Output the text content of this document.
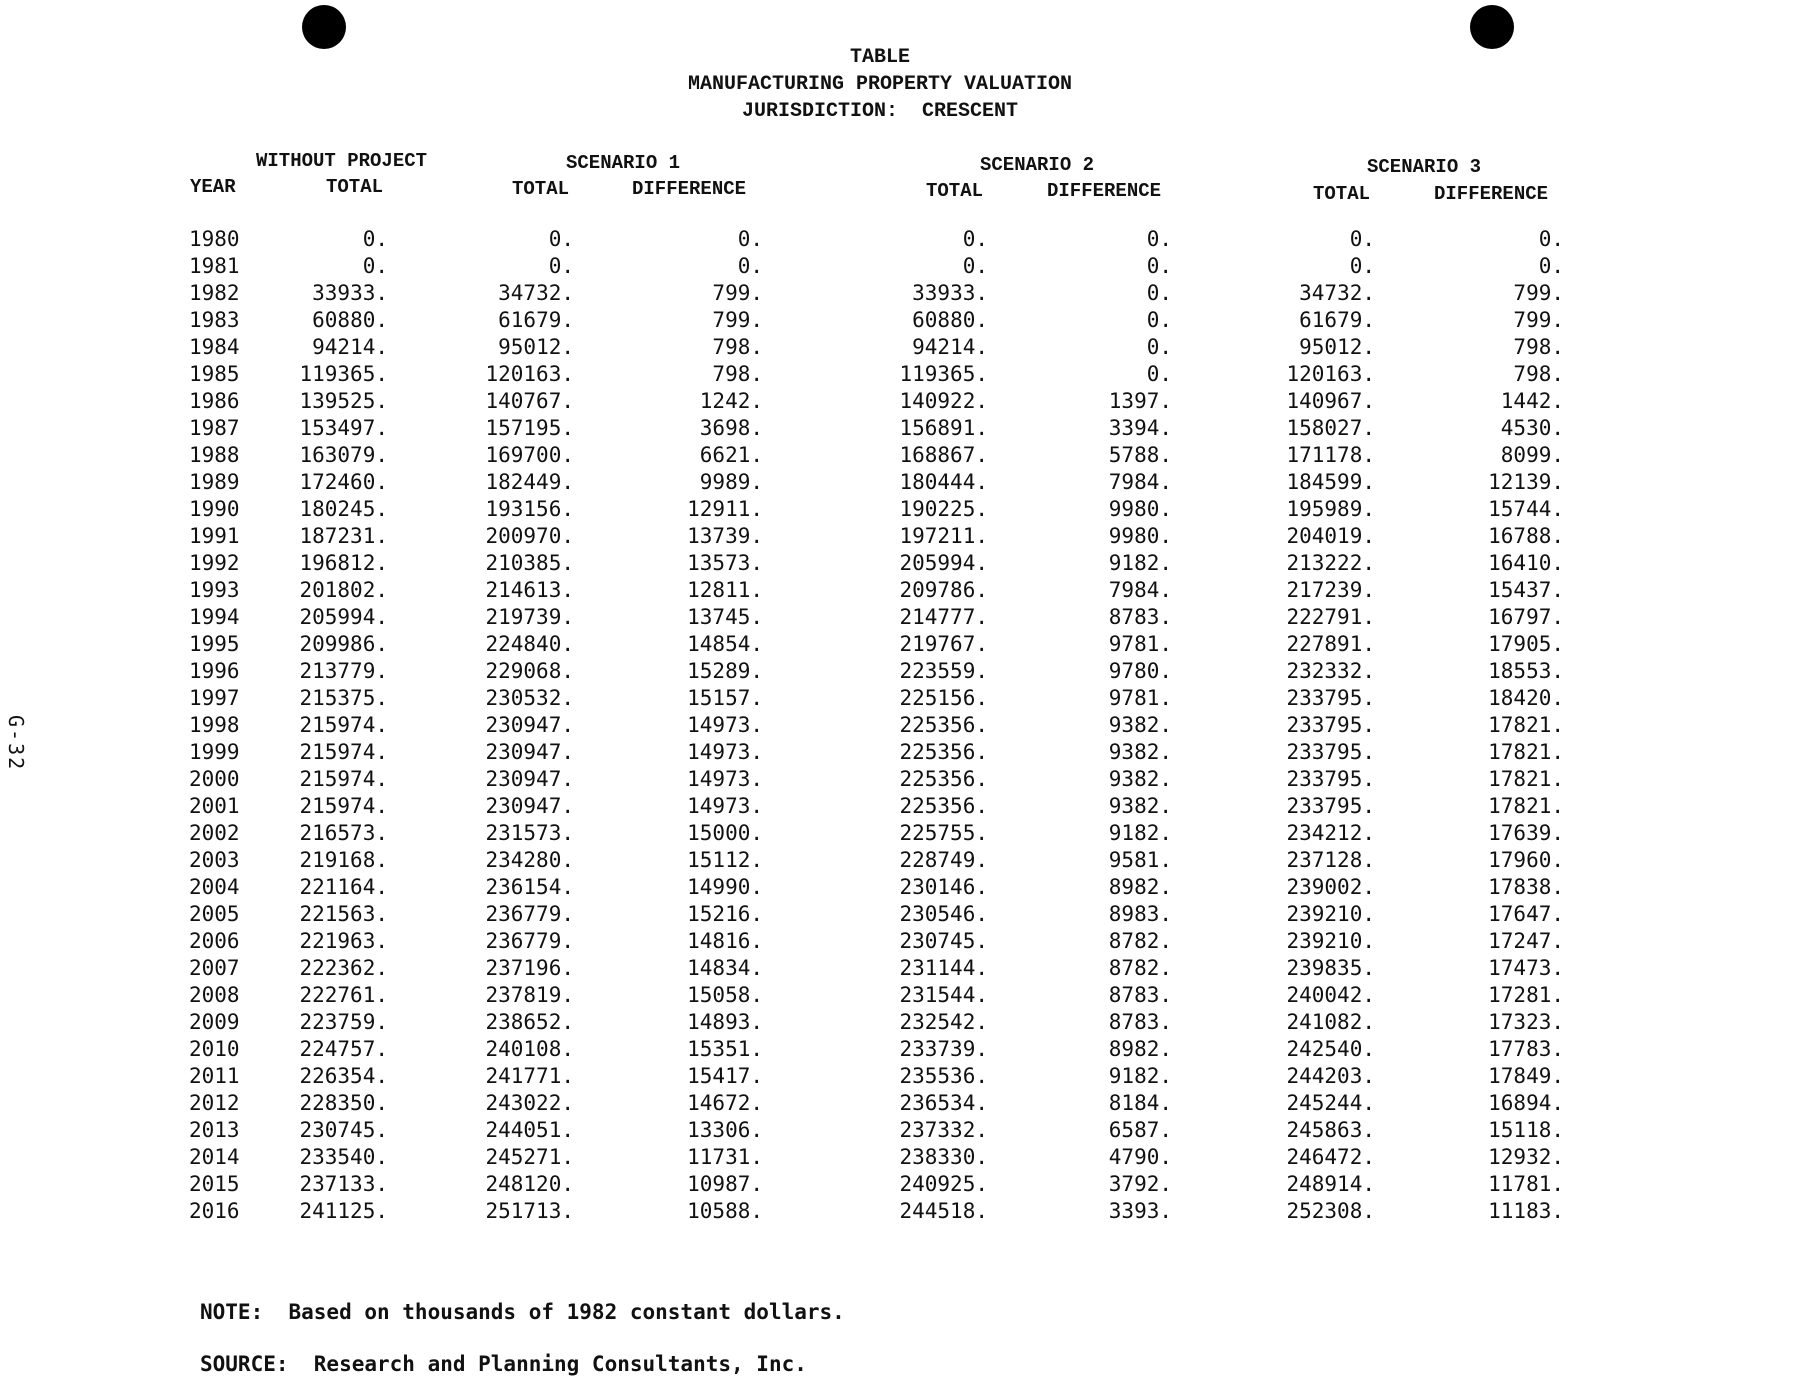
TABLE
MANUFACTURING PROPERTY VALUATION
JURISDICTION:  CRESCENT
G-32
WITHOUT PROJECT
YEAR	TOTAL
SCENARIO 1
TOTAL	DIFFERENCE
SCENARIO 2
TOTAL	DIFFERENCE
SCENARIO 3
TOTAL	DIFFERENCE
1980	0.	0.	0.	0.	0.	0.	0.
1981	0.	0.	0.	0.	0.	0.	0.
1982	33933.	34732.	799.	33933.	0.	34732.	799.
1983	60880.	61679.	799.	60880.	0.	61679.	799.
1984	94214.	95012.	798.	94214.	0.	95012.	798.
1985	119365.	120163.	798.	119365.	0.	120163.	798.
1986	139525.	140767.	1242.	140922.	1397.	140967.	1442.
1987	153497.	157195.	3698.	156891.	3394.	158027.	4530.
1988	163079.	169700.	6621.	168867.	5788.	171178.	8099.
1989	172460.	182449.	9989.	180444.	7984.	184599.	12139.
1990	180245.	193156.	12911.	190225.	9980.	195989.	15744.
1991	187231.	200970.	13739.	197211.	9980.	204019.	16788.
1992	196812.	210385.	13573.	205994.	9182.	213222.	16410.
1993	201802.	214613.	12811.	209786.	7984.	217239.	15437.
1994	205994.	219739.	13745.	214777.	8783.	222791.	16797.
1995	209986.	224840.	14854.	219767.	9781.	227891.	17905.
1996	213779.	229068.	15289.	223559.	9780.	232332.	18553.
1997	215375.	230532.	15157.	225156.	9781.	233795.	18420.
1998	215974.	230947.	14973.	225356.	9382.	233795.	17821.
1999	215974.	230947.	14973.	225356.	9382.	233795.	17821.
2000	215974.	230947.	14973.	225356.	9382.	233795.	17821.
2001	215974.	230947.	14973.	225356.	9382.	233795.	17821.
2002	216573.	231573.	15000.	225755.	9182.	234212.	17639.
2003	219168.	234280.	15112.	228749.	9581.	237128.	17960.
2004	221164.	236154.	14990.	230146.	8982.	239002.	17838.
2005	221563.	236779.	15216.	230546.	8983.	239210.	17647.
2006	221963.	236779.	14816.	230745.	8782.	239210.	17247.
2007	222362.	237196.	14834.	231144.	8782.	239835.	17473.
2008	222761.	237819.	15058.	231544.	8783.	240042.	17281.
2009	223759.	238652.	14893.	232542.	8783.	241082.	17323.
2010	224757.	240108.	15351.	233739.	8982.	242540.	17783.
2011	226354.	241771.	15417.	235536.	9182.	244203.	17849.
2012	228350.	243022.	14672.	236534.	8184.	245244.	16894.
2013	230745.	244051.	13306.	237332.	6587.	245863.	15118.
2014	233540.	245271.	11731.	238330.	4790.	246472.	12932.
2015	237133.	248120.	10987.	240925.	3792.	248914.	11781.
2016	241125.	251713.	10588.	244518.	3393.	252308.	11183.
NOTE:  Based on thousands of 1982 constant dollars.
SOURCE:  Research and Planning Consultants, Inc.
